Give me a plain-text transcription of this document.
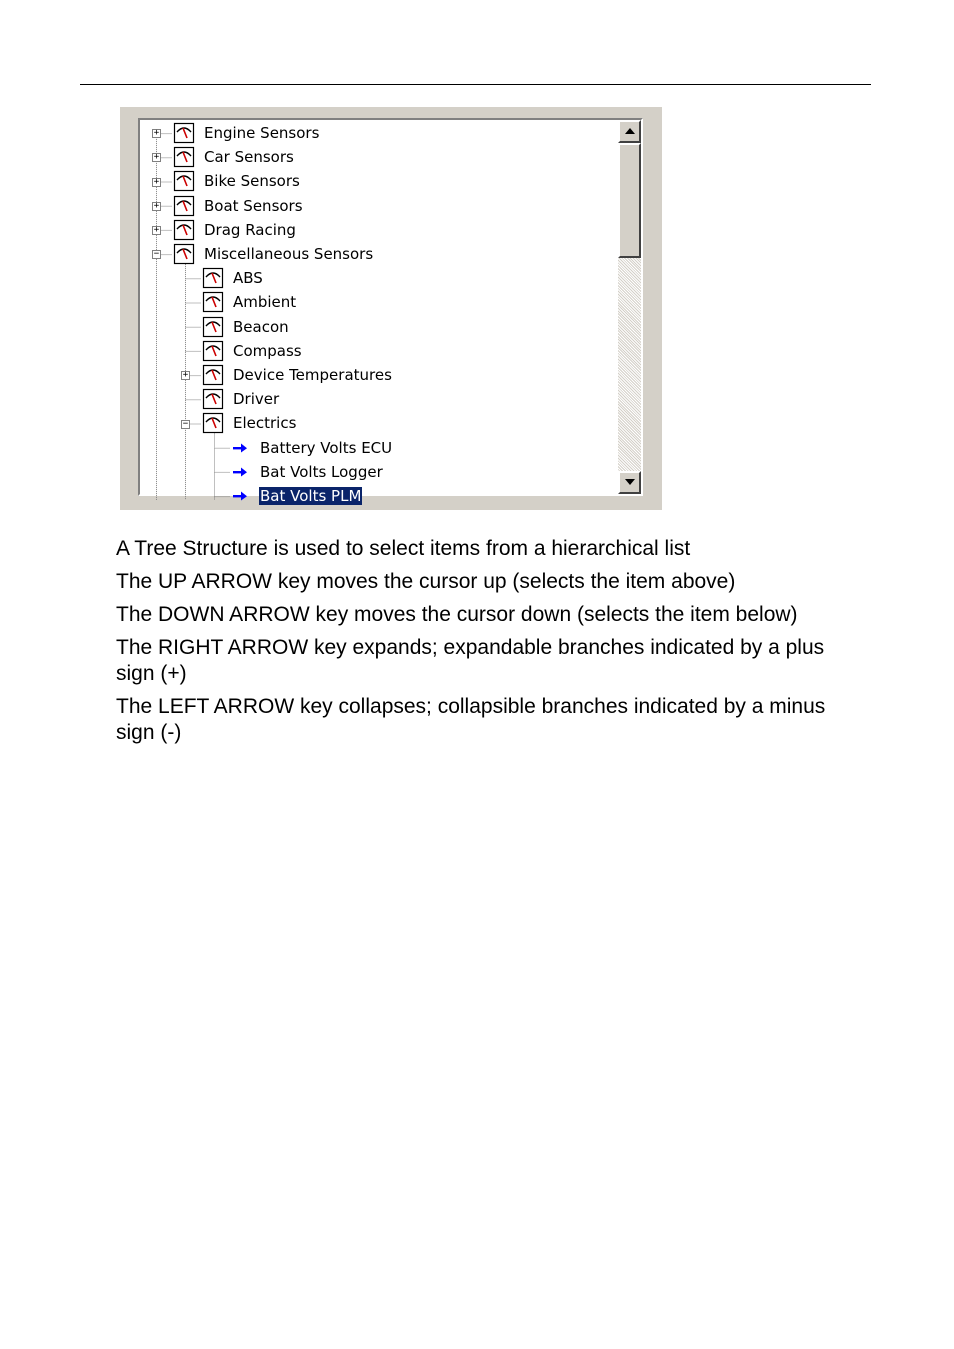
Engine Sensors
+
Car Sensors
+
Bike Sensors
+
Boat Sensors
+
Drag Racing
+
Miscellaneous Sensors
−
ABS
Ambient
Beacon
Compass
Device Temperatures
+
Driver
Electrics
−
Battery Volts ECU
Bat Volts Logger
Bat Volts PLM

A Tree Structure is used to select items from a hierarchical list

The UP ARROW key moves the cursor up (selects the item above)

The DOWN ARROW key moves the cursor down (selects the item below)

The RIGHT ARROW key expands; expandable branches indicated by a plus sign (+)

The LEFT ARROW key collapses; collapsible branches indicated by a minus sign (-)
